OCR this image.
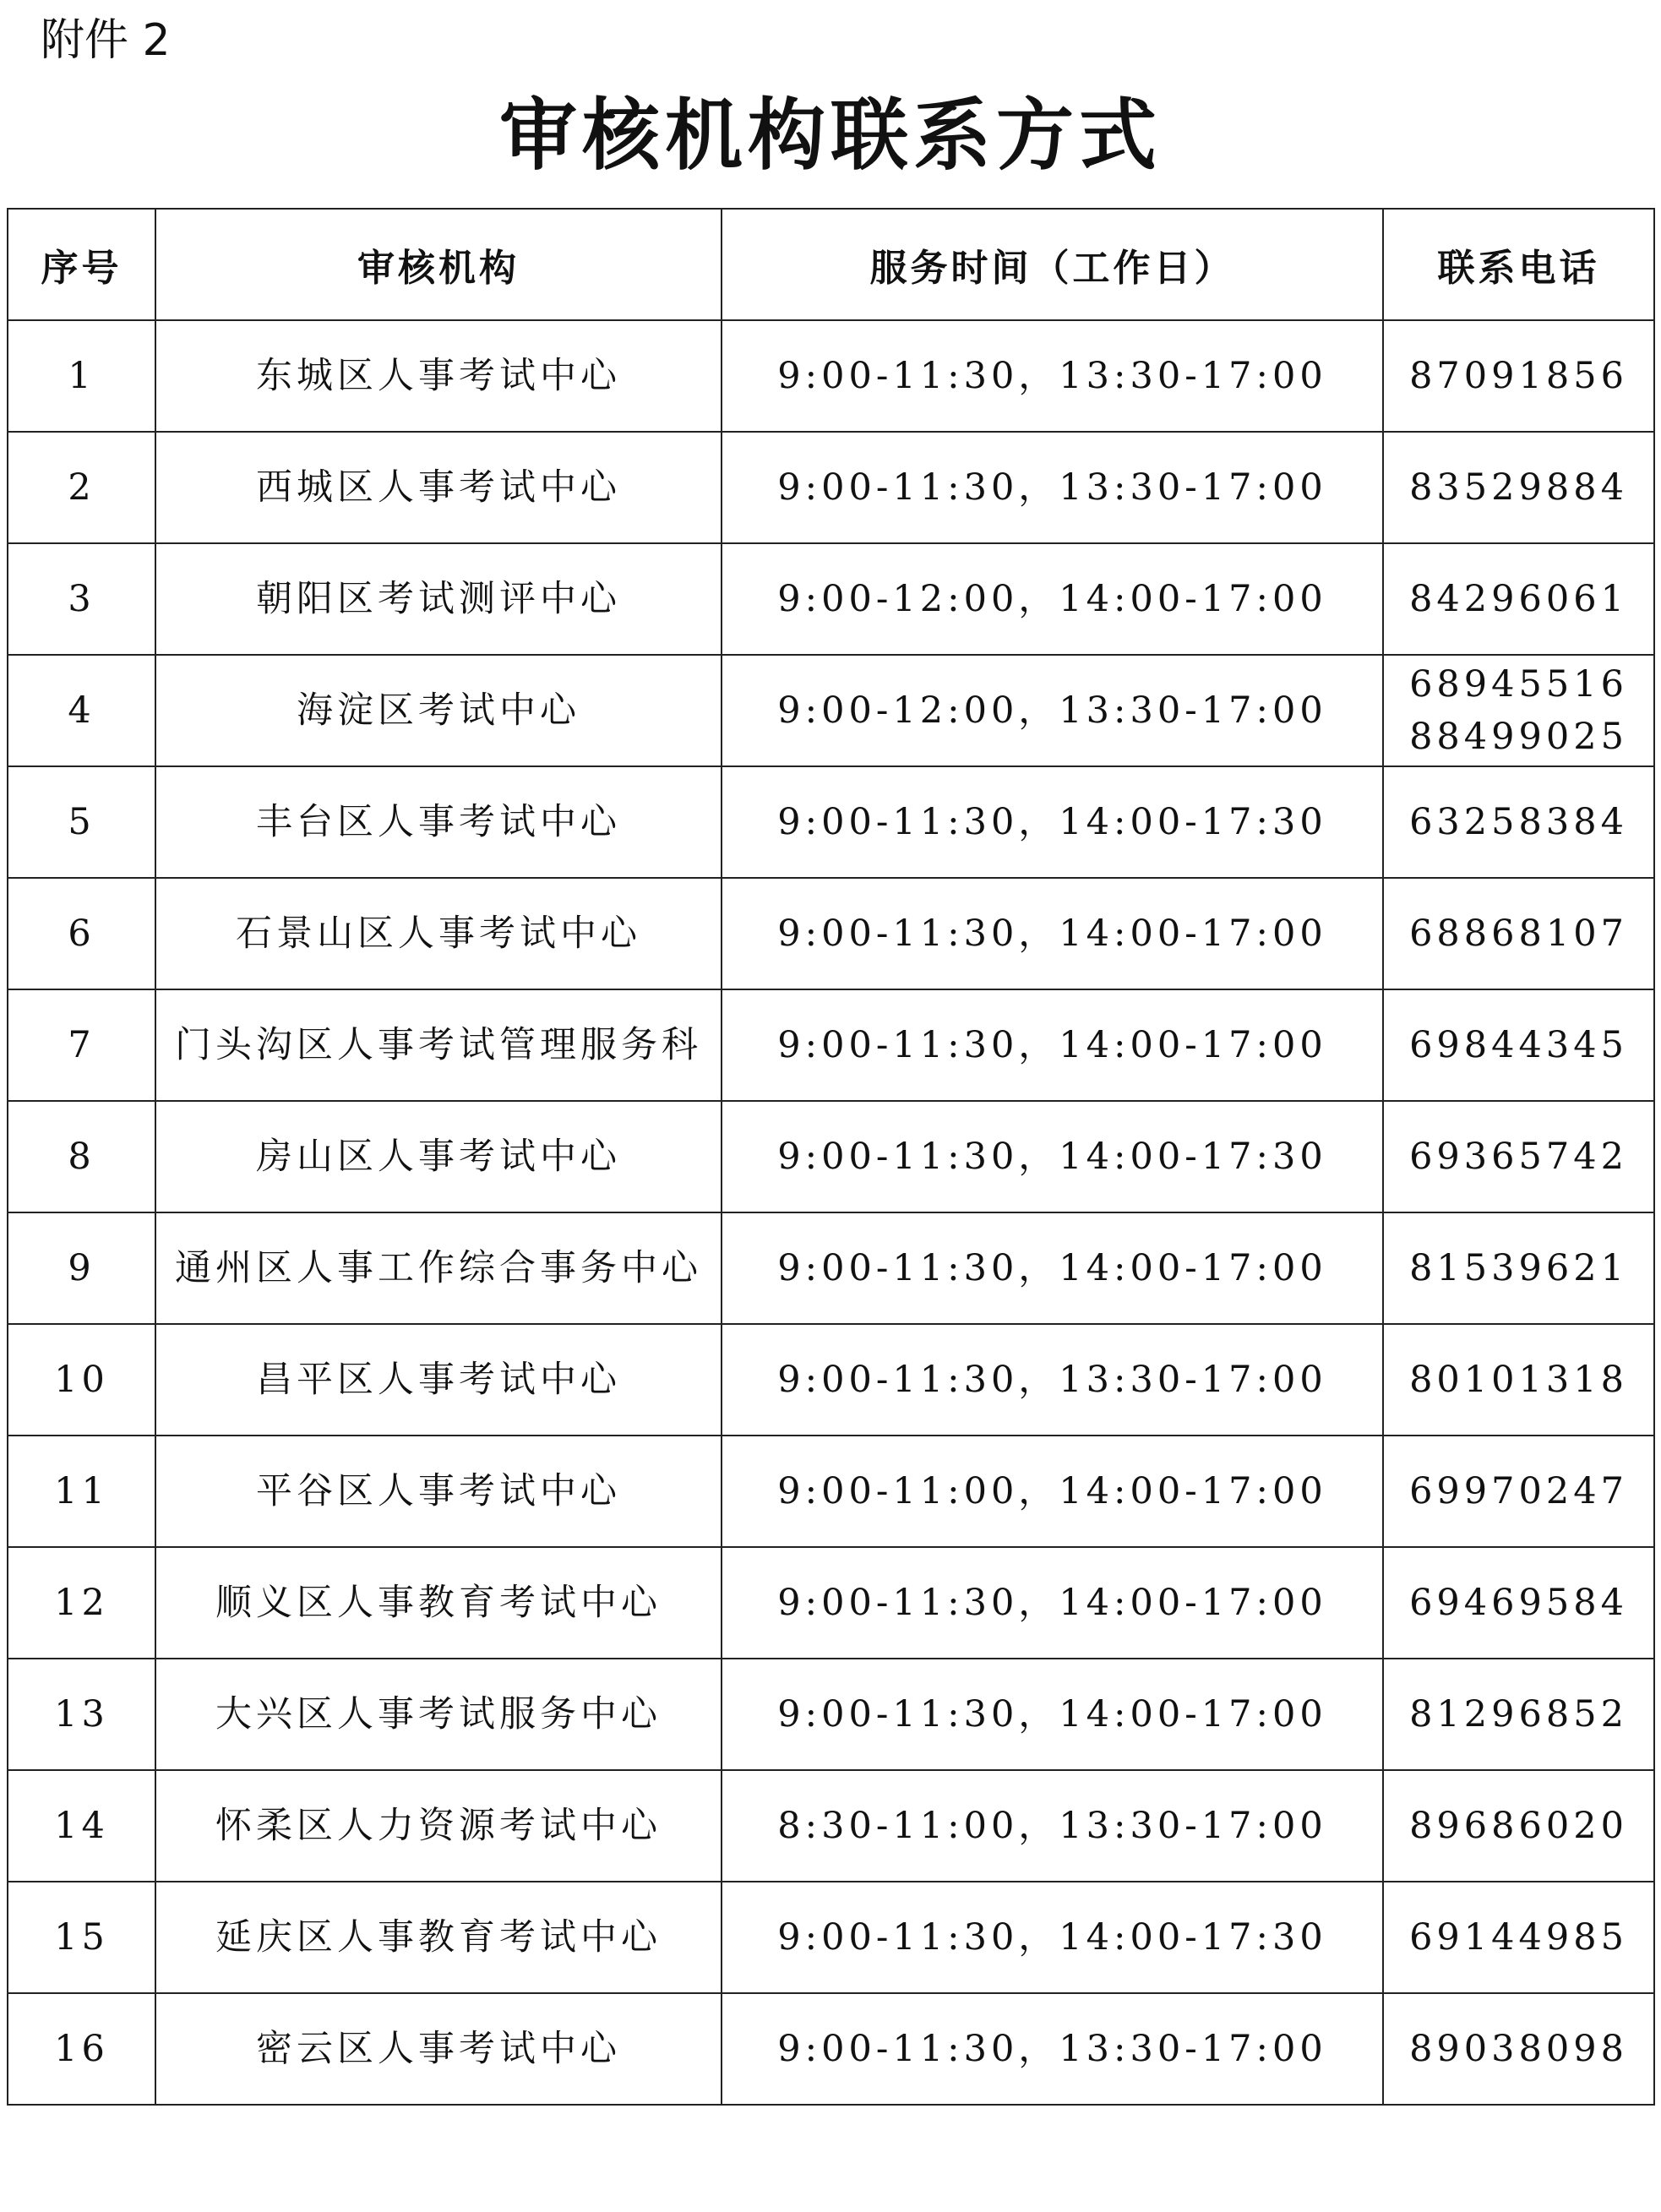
附件 2
审核机构联系方式
序号	审核机构	服务时间（工作日）	联系电话
1	东城区人事考试中心	9:00-11:30，13:30-17:00	87091856

2	西城区人事考试中心	9:00-11:30，13:30-17:00	83529884

3	朝阳区考试测评中心	9:00-12:00，14:00-17:00	84296061

4	海淀区考试中心	9:00-12:00，13:30-17:00	68945516
88499025

5	丰台区人事考试中心	9:00-11:30，14:00-17:30	63258384

6	石景山区人事考试中心	9:00-11:30，14:00-17:00	68868107

7	门头沟区人事考试管理服务科	9:00-11:30，14:00-17:00	69844345

8	房山区人事考试中心	9:00-11:30，14:00-17:30	69365742

9	通州区人事工作综合事务中心	9:00-11:30，14:00-17:00	81539621

10	昌平区人事考试中心	9:00-11:30，13:30-17:00	80101318

11	平谷区人事考试中心	9:00-11:00，14:00-17:00	69970247

12	顺义区人事教育考试中心	9:00-11:30，14:00-17:00	69469584

13	大兴区人事考试服务中心	9:00-11:30，14:00-17:00	81296852

14	怀柔区人力资源考试中心	8:30-11:00，13:30-17:00	89686020

15	延庆区人事教育考试中心	9:00-11:30，14:00-17:30	69144985

16	密云区人事考试中心	9:00-11:30，13:30-17:00	89038098
